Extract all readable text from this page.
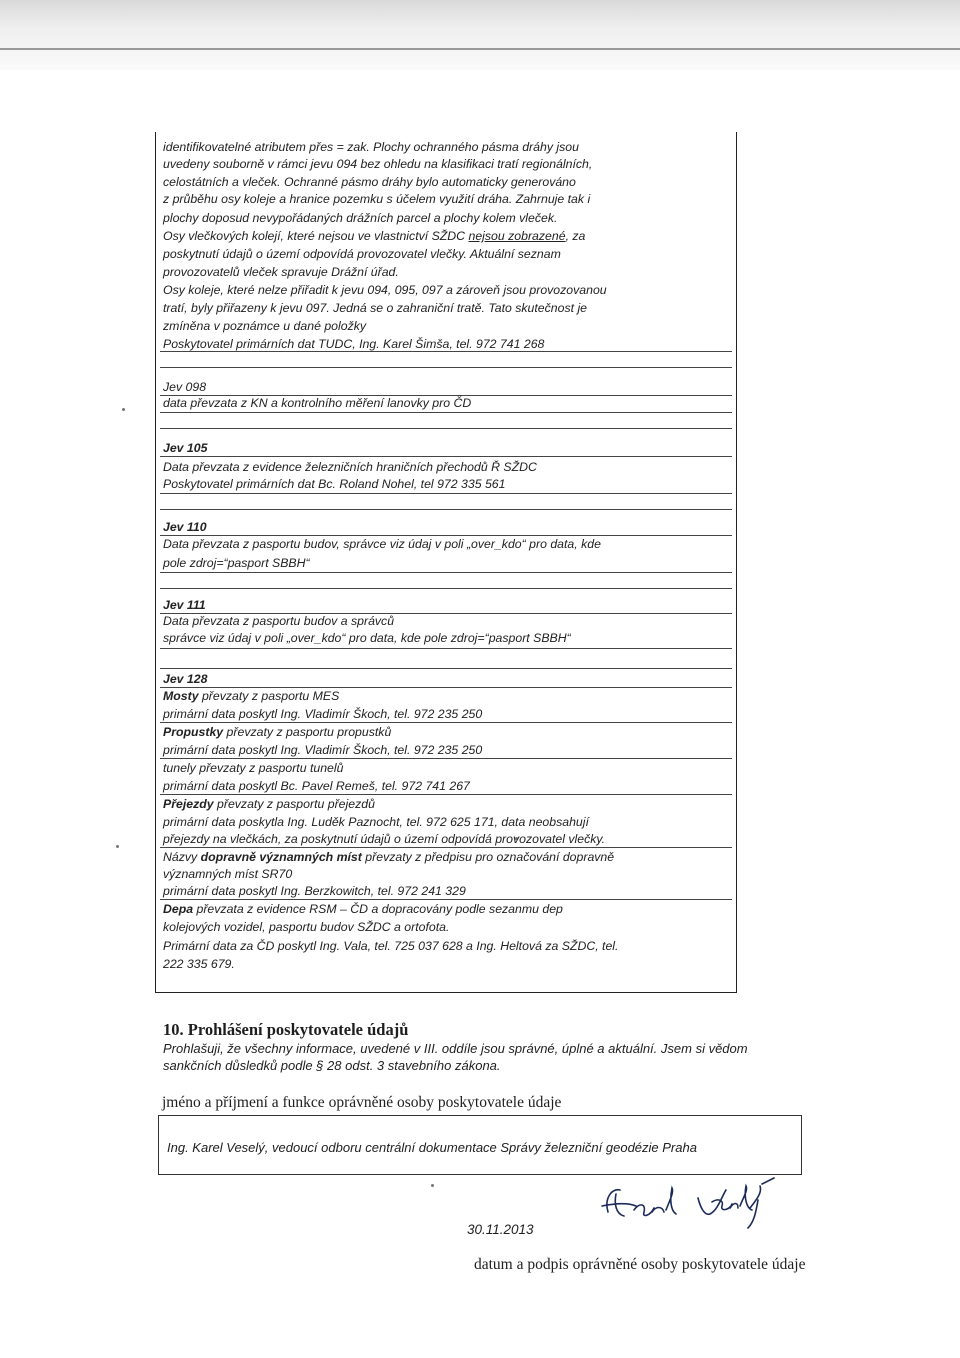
identifikovatelné atributem přes = zak. Plochy ochranného pásma dráhy jsou
uvedeny souborně v rámci jevu 094 bez ohledu na klasifikaci tratí regionálních,
celostátních a vleček. Ochranné pásmo dráhy bylo automaticky generováno
z průběhu osy koleje a hranice pozemku s účelem využití dráha. Zahrnuje tak i
plochy doposud nevypořádaných drážních parcel a plochy kolem vleček.
Osy vlečkových kolejí, které nejsou ve vlastnictví SŽDC nejsou zobrazené, za
poskytnutí údajů o území odpovídá provozovatel vlečky. Aktuální seznam
provozovatelů vleček spravuje Drážní úřad.
Osy koleje, které nelze přiřadit k jevu 094, 095, 097 a zároveň jsou provozovanou
tratí, byly přiřazeny k jevu 097. Jedná se o zahraniční tratě. Tato skutečnost je
zmíněna v poznámce u dané položky
Poskytovatel primárních dat TUDC, Ing. Karel Šimša, tel. 972 741 268
Jev 098
data převzata z KN a kontrolního měření lanovky pro ČD
Jev 105
Data převzata z evidence železničních hraničních přechodů Ř SŽDC
Poskytovatel primárních dat Bc. Roland Nohel, tel 972 335 561
Jev 110
Data převzata z pasportu budov, správce viz údaj v poli „over_kdo“ pro data, kde
pole zdroj=“pasport SBBH“
Jev 111
Data převzata z pasportu budov a správců
správce viz údaj v poli „over_kdo“ pro data, kde pole zdroj=“pasport SBBH“
Jev 128
Mosty převzaty z pasportu MES
primární data poskytl Ing. Vladimír Škoch, tel. 972 235 250
Propustky převzaty z pasportu propustků
primární data poskytl Ing. Vladimír Škoch, tel. 972 235 250
tunely převzaty z pasportu tunelů
primární data poskytl Bc. Pavel Remeš, tel. 972 741 267
Přejezdy převzaty z pasportu přejezdů
primární data poskytla Ing. Luděk Paznocht, tel. 972 625 171, data neobsahují
přejezdy na vlečkách, za poskytnutí údajů o území odpovídá provozovatel vlečky.
Názvy dopravně významných míst převzaty z předpisu pro označování dopravně
významných míst SR70
primární data poskytl Ing. Berzkowitch, tel. 972 241 329
Depa převzata z evidence RSM – ČD a dopracovány podle sezanmu dep
kolejových vozidel, pasportu budov SŽDC a ortofota.
Primární data za ČD poskytl Ing. Vala, tel. 725 037 628 a Ing. Heltová za SŽDC, tel.
222 335 679.
10. Prohlášení poskytovatele údajů
Prohlašuji, že všechny informace, uvedené v III. oddíle jsou správné, úplné a aktuální. Jsem si vědom
sankčních důsledků podle § 28 odst. 3 stavebního zákona.
jméno a příjmení a funkce oprávněné osoby poskytovatele údaje
Ing. Karel Veselý, vedoucí odboru centrální dokumentace Správy železniční geodézie Praha
30.11.2013
datum a podpis oprávněné osoby poskytovatele údaje
